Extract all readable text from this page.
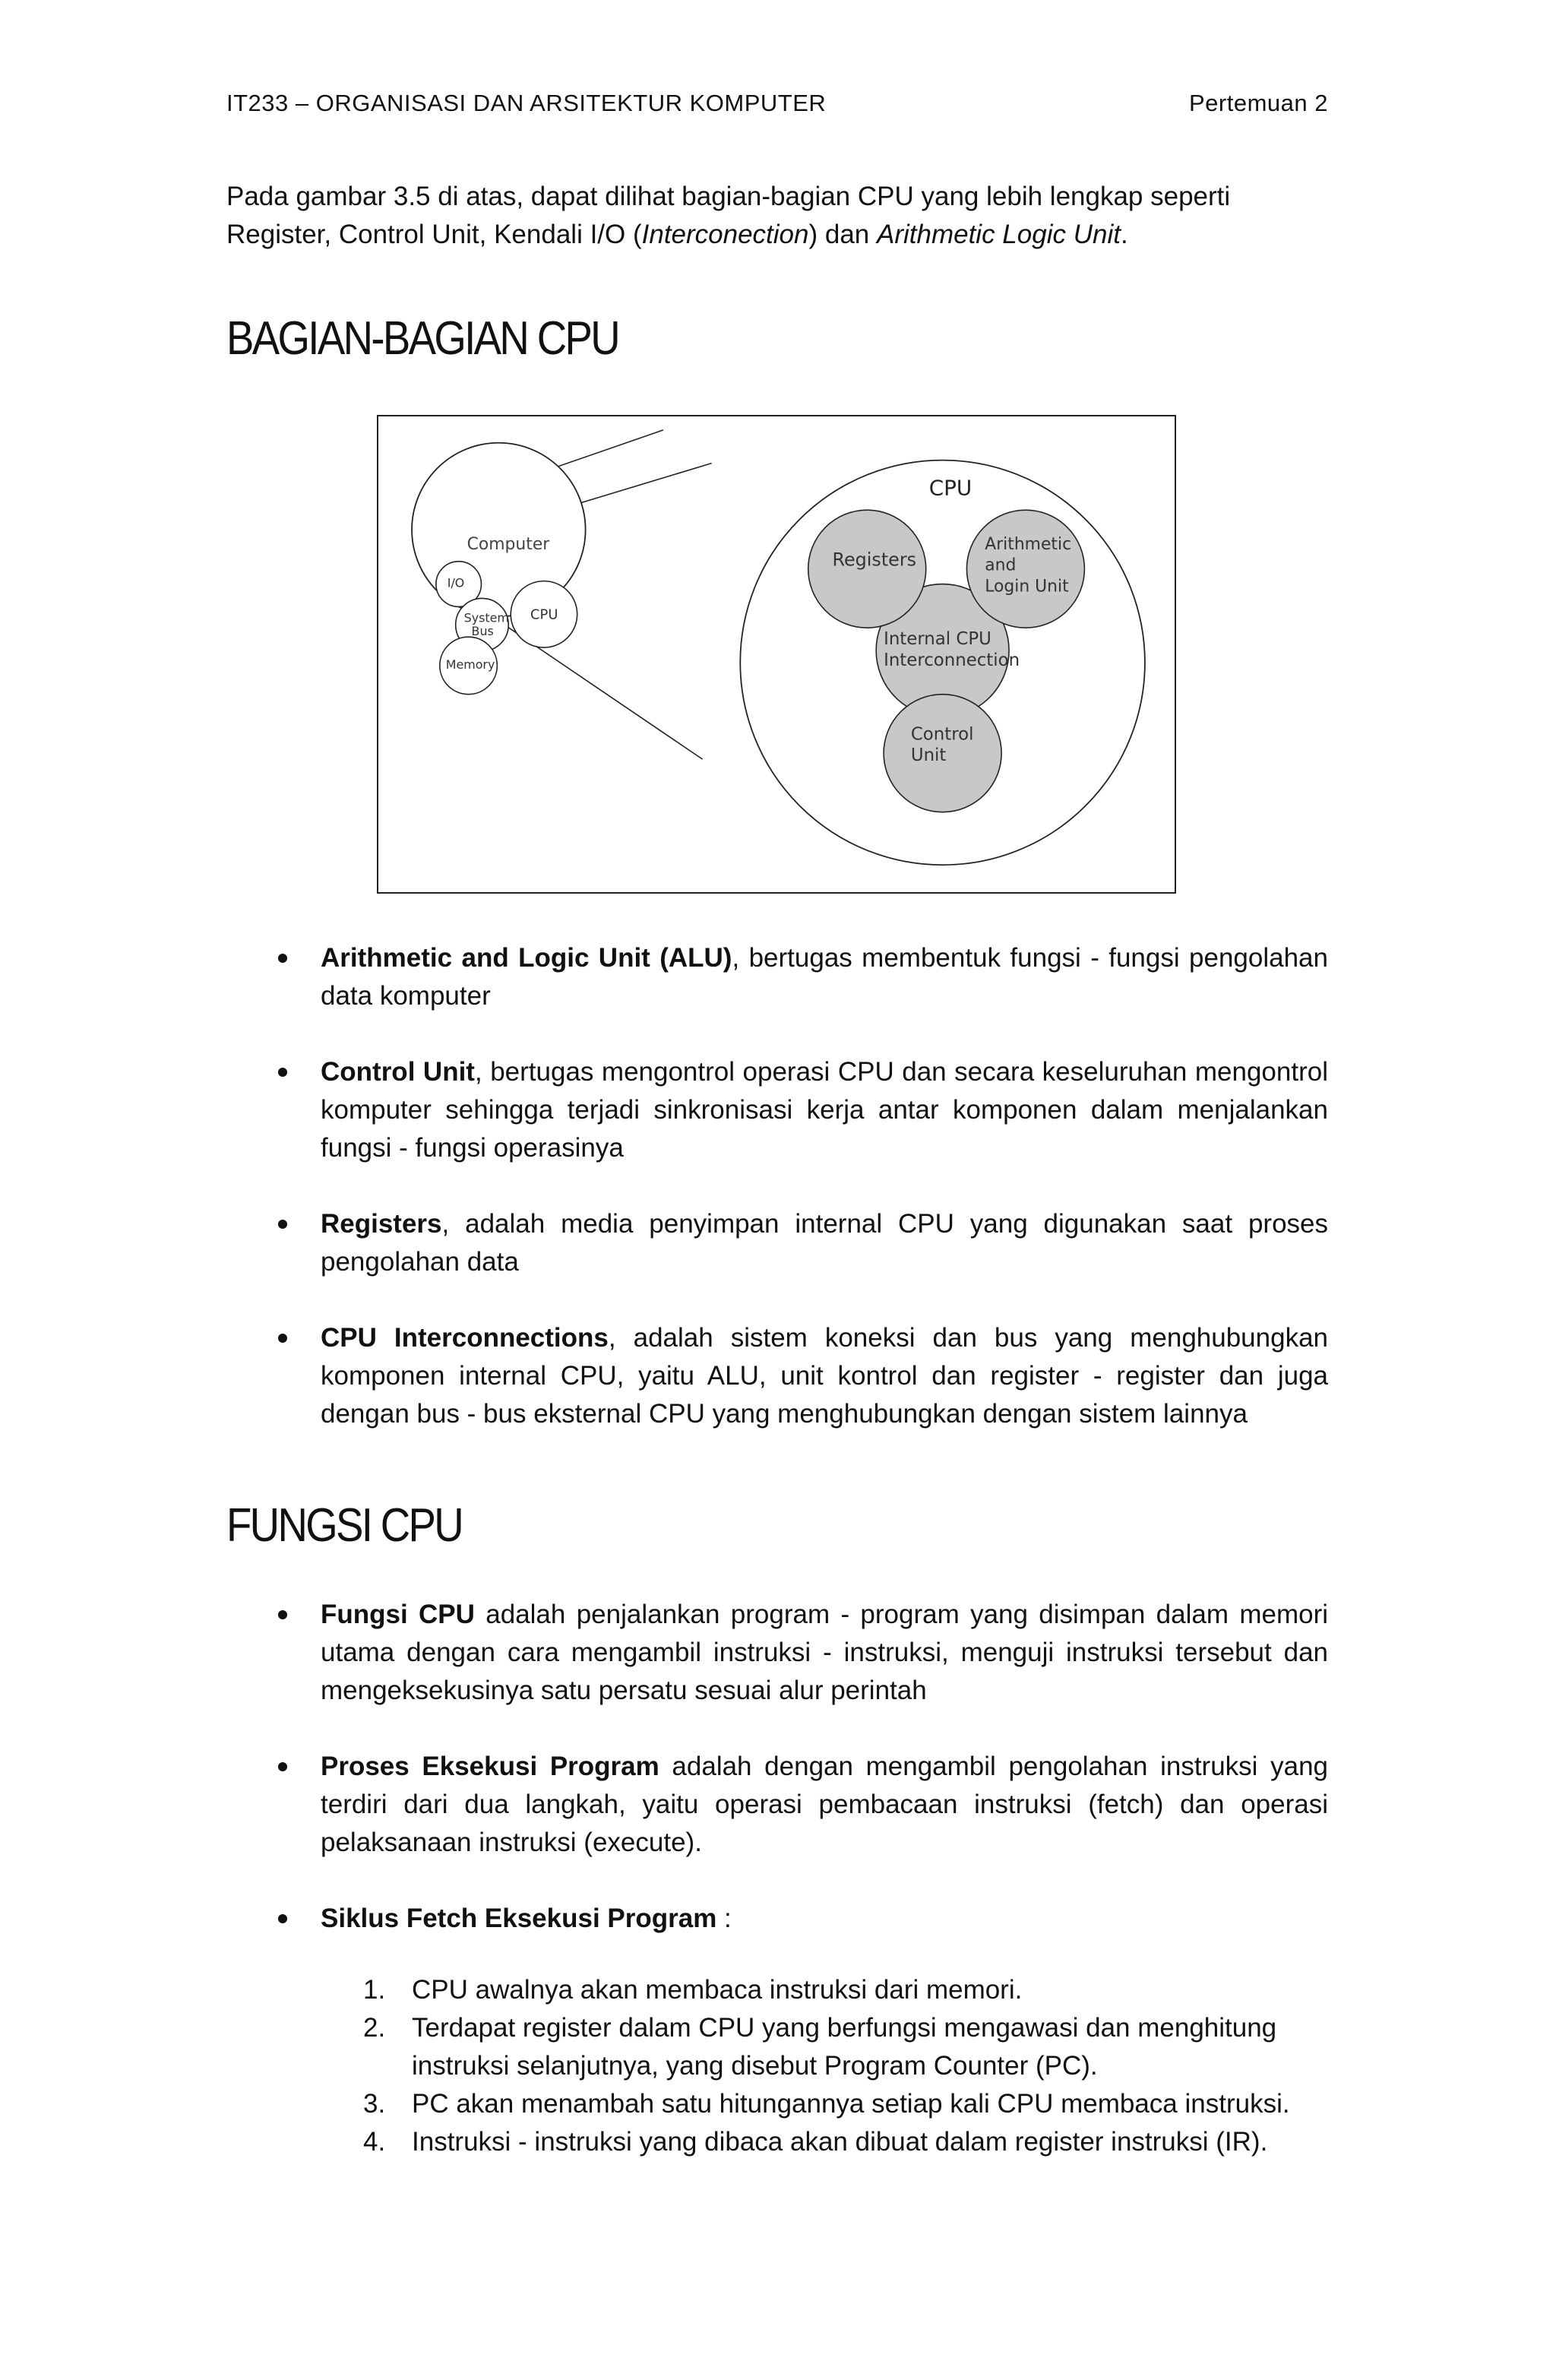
IT233 – ORGANISASI DAN ARSITEKTUR KOMPUTER	Pertemuan 2

Pada gambar 3.5 di atas, dapat dilihat bagian-bagian CPU yang lebih lengkap seperti Register, Control Unit, Kendali I/O (Interconection) dan Arithmetic Logic Unit.

BAGIAN-BAGIAN CPU
Computer
I/O
System
Bus
CPU
Memory
CPU
Registers
Arithmetic
and
Login Unit
Internal CPU
Interconnection
Control
Unit
Arithmetic and Logic Unit (ALU), bertugas membentuk fungsi - fungsi pengolahan data komputer
Control Unit, bertugas mengontrol operasi CPU dan secara keseluruhan mengontrol komputer sehingga terjadi sinkronisasi kerja antar komponen dalam menjalankan fungsi - fungsi operasinya
Registers, adalah media penyimpan internal CPU yang digunakan saat proses pengolahan data
CPU Interconnections, adalah sistem koneksi dan bus yang menghubungkan komponen internal CPU, yaitu ALU, unit kontrol dan register - register dan juga dengan bus - bus eksternal CPU yang menghubungkan dengan sistem lainnya
FUNGSI CPU
Fungsi CPU adalah penjalankan program - program yang disimpan dalam memori utama dengan cara mengambil instruksi - instruksi, menguji instruksi tersebut dan mengeksekusinya satu persatu sesuai alur perintah
Proses Eksekusi Program adalah dengan mengambil pengolahan instruksi yang terdiri dari dua langkah, yaitu operasi pembacaan instruksi (fetch) dan operasi pelaksanaan instruksi (execute).
Siklus Fetch Eksekusi Program :
1. CPU awalnya akan membaca instruksi dari memori.
2. Terdapat register dalam CPU yang berfungsi mengawasi dan menghitung instruksi selanjutnya, yang disebut Program Counter (PC).
3. PC akan menambah satu hitungannya setiap kali CPU membaca instruksi.
4. Instruksi - instruksi yang dibaca akan dibuat dalam register instruksi (IR).
